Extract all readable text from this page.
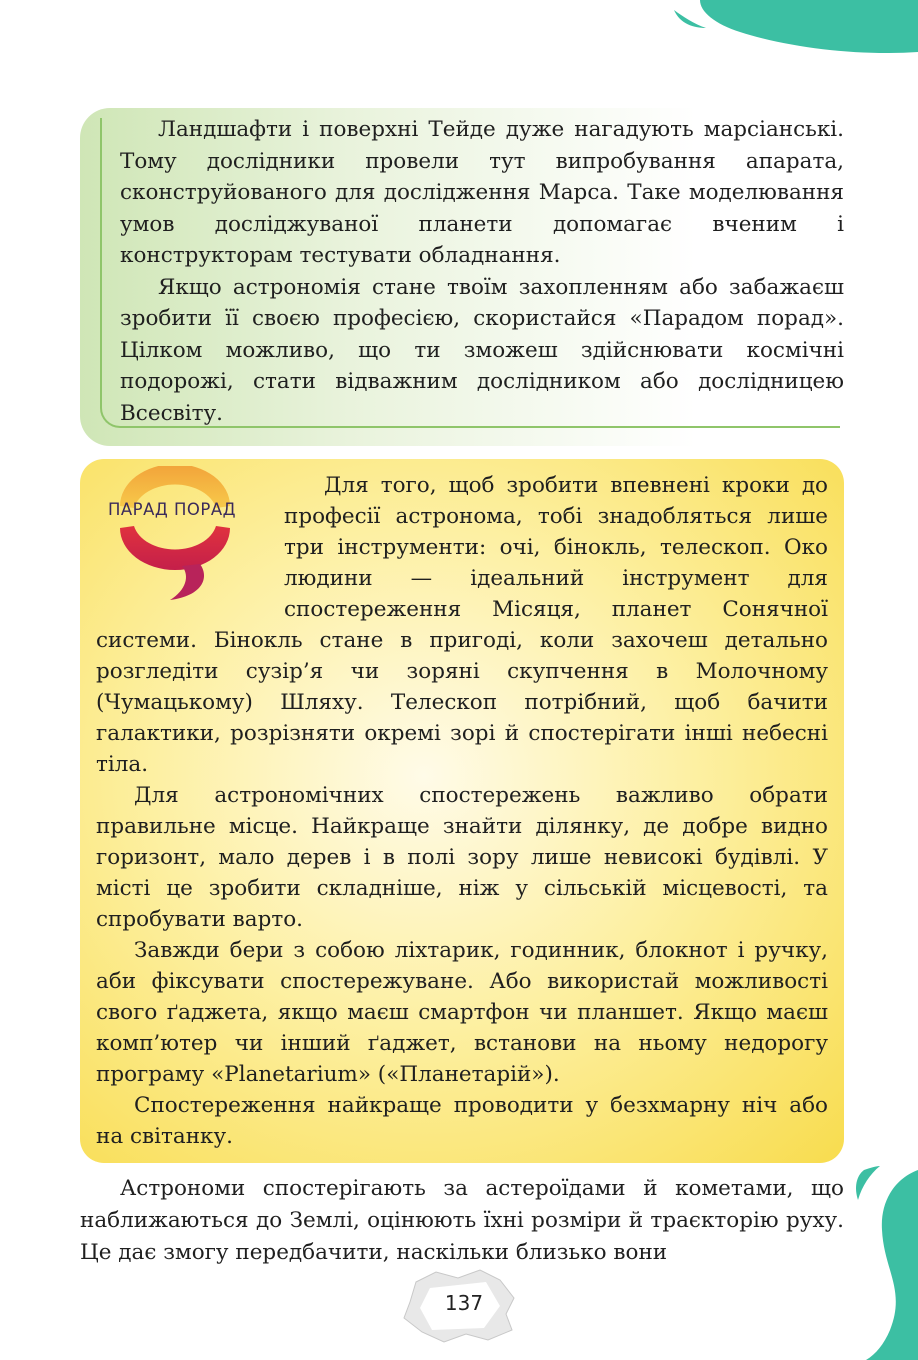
Ландшафти і поверхні Тейде дуже нагадують марсіанські. Тому дослідники провели тут випробування апарата, сконструйованого для дослідження Марса. Таке моделювання умов досліджуваної планети допомагає вченим і конструкторам тестувати обладнання.

Якщо астрономія стане твоїм захопленням або забажаєш зробити її своєю професією, скористайся «Парадом порад». Цілком можливо, що ти зможеш здійснювати космічні подорожі, стати відважним дослідником або дослідницею Всесвіту.

ПАРАД ПОРАД

Для того, щоб зробити впевнені кроки до професії астронома, тобі знадобляться лише три інструменти: очі, бінокль, телескоп. Око людини — ідеальний інструмент для спостереження Місяця, планет Сонячної системи. Бінокль стане в пригоді, коли захочеш детально розгледіти сузір’я чи зоряні скупчення в Молочному (Чумацькому) Шляху. Телескоп потрібний, щоб бачити галактики, розрізняти окремі зорі й спостерігати інші небесні тіла.

Для астрономічних спостережень важливо обрати правильне місце. Найкраще знайти ділянку, де добре видно горизонт, мало дерев і в полі зору лише невисокі будівлі. У місті це зробити складніше, ніж у сільській місцевості, та спробувати варто.

Завжди бери з собою ліхтарик, годинник, блокнот і ручку, аби фіксувати спостережуване. Або використай можливості свого ґаджета, якщо маєш смартфон чи планшет. Якщо маєш комп’ютер чи інший ґаджет, встанови на ньому недорогу програму «Planetarium» («Планетарій»).

Спостереження найкраще проводити у безхмарну ніч або на світанку.

Астрономи спостерігають за астероїдами й кометами, що наближаються до Землі, оцінюють їхні розміри й траєкторію руху. Це дає змогу передбачити, наскільки близько вони

137
